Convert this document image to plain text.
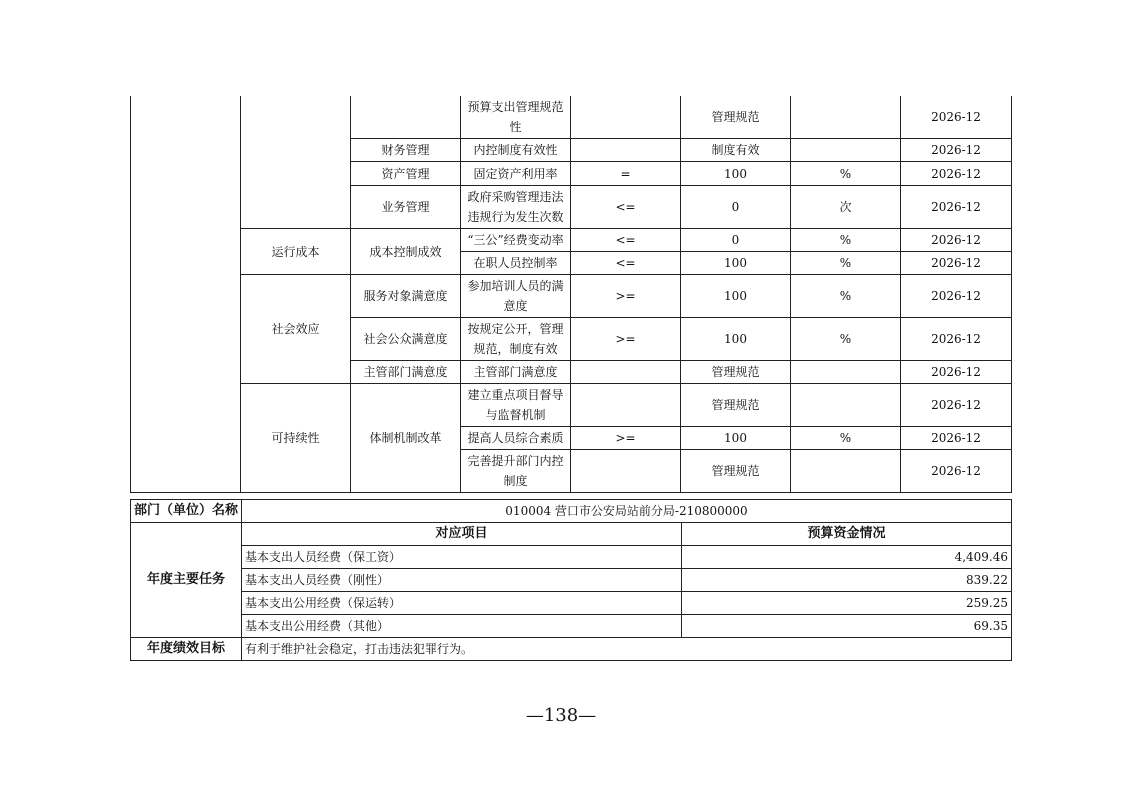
			预算支出管理规范性		管理规范		2026-12
		财务管理	内控制度有效性		制度有效		2026-12
		资产管理	固定资产利用率	=	100	%	2026-12
		业务管理	政府采购管理违法违规行为发生次数	<=	0	次	2026-12
	运行成本	成本控制成效	“三公”经费变动率	<=	0	%	2026-12
			在职人员控制率	<=	100	%	2026-12
	社会效应	服务对象满意度	参加培训人员的满意度	>=	100	%	2026-12
		社会公众满意度	按规定公开，管理规范，制度有效	>=	100	%	2026-12
		主管部门满意度	主管部门满意度		管理规范		2026-12
	可持续性	体制机制改革	建立重点项目督导与监督机制		管理规范		2026-12
			提高人员综合素质	>=	100	%	2026-12
			完善提升部门内控制度		管理规范		2026-12
部门（单位）名称	010004 营口市公安局站前分局-210800000	
年度主要任务	对应项目	预算资金情况
	基本支出人员经费（保工资）	4,409.46
	基本支出人员经费（刚性）	839.22
	基本支出公用经费（保运转）	259.25
	基本支出公用经费（其他）	69.35
年度绩效目标	有利于维护社会稳定，打击违法犯罪行为。	
—138—
